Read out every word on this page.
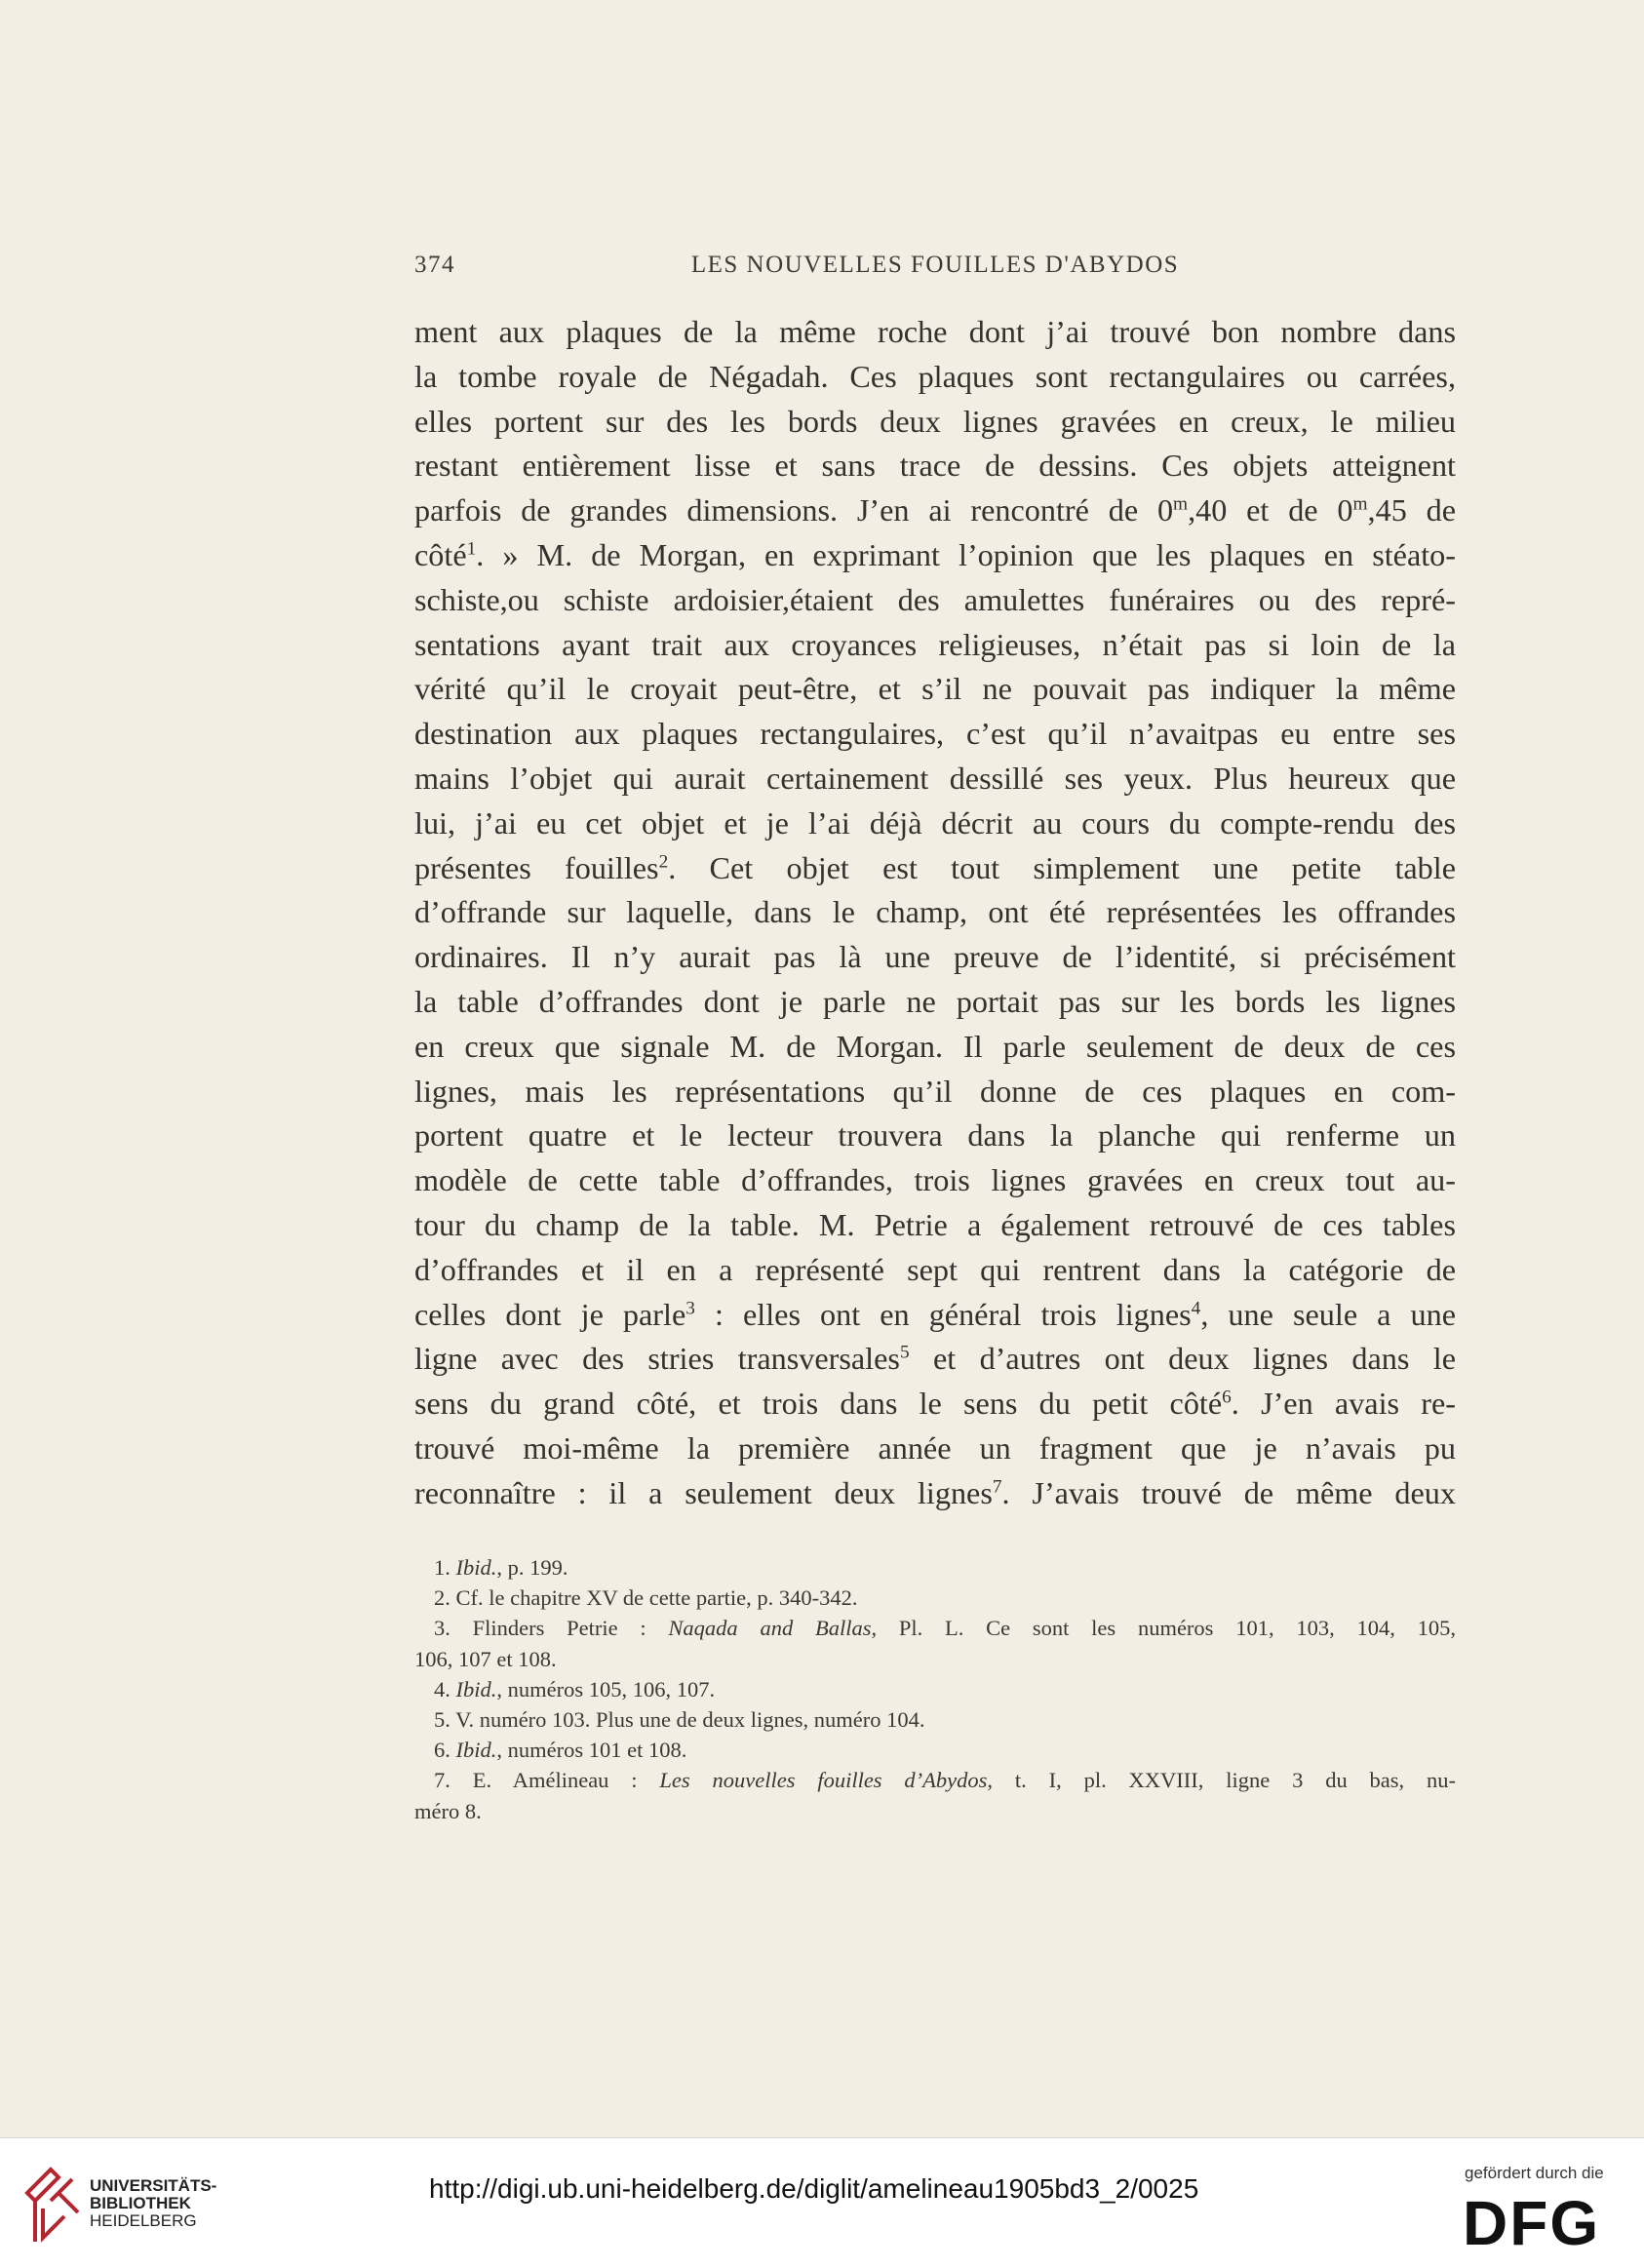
374	LES NOUVELLES FOUILLES D'ABYDOS
ment aux plaques de la même roche dont j’ai trouvé bon nombre dans
la tombe royale de Négadah. Ces plaques sont rectangulaires ou carrées,
elles portent sur des les bords deux lignes gravées en creux, le milieu
restant entièrement lisse et sans trace de dessins. Ces objets atteignent
parfois de grandes dimensions. J’en ai rencontré de 0$^m$,40 et de 0$^m$,45 de
côté$^1$. » M. de Morgan, en exprimant l’opinion que les plaques en stéato-
schiste,ou schiste ardoisier,étaient des amulettes funéraires ou des repré-
sentations ayant trait aux croyances religieuses, n’était pas si loin de la
vérité qu’il le croyait peut-être, et s’il ne pouvait pas indiquer la même
destination aux plaques rectangulaires, c’est qu’il n’avaitpas eu entre ses
mains l’objet qui aurait certainement dessillé ses yeux. Plus heureux que
lui, j’ai eu cet objet et je l’ai déjà décrit au cours du compte-rendu des
présentes fouilles$^2$. Cet objet est tout simplement une petite table
d’offrande sur laquelle, dans le champ, ont été représentées les offrandes
ordinaires. Il n’y aurait pas là une preuve de l’identité, si précisément
la table d’offrandes dont je parle ne portait pas sur les bords les lignes
en creux que signale M. de Morgan. Il parle seulement de deux de ces
lignes, mais les représentations qu’il donne de ces plaques en com-
portent quatre et le lecteur trouvera dans la planche qui renferme un
modèle de cette table d’offrandes, trois lignes gravées en creux tout au-
tour du champ de la table. M. Petrie a également retrouvé de ces tables
d’offrandes et il en a représenté sept qui rentrent dans la catégorie de
celles dont je parle$^3$ : elles ont en général trois lignes$^4$, une seule a une
ligne avec des stries transversales$^5$ et d’autres ont deux lignes dans le
sens du grand côté, et trois dans le sens du petit côté$^6$. J’en avais re-
trouvé moi-même la première année un fragment que je n’avais pu
reconnaître : il a seulement deux lignes$^7$. J’avais trouvé de même deux
1. Ibid., p. 199.
2. Cf. le chapitre XV de cette partie, p. 340-342.
3. Flinders Petrie : Naqada and Ballas, Pl. L. Ce sont les numéros 101, 103, 104, 105,
106, 107 et 108.
4. Ibid., numéros 105, 106, 107.
5. V. numéro 103. Plus une de deux lignes, numéro 104.
6. Ibid., numéros 101 et 108.
7. E. Amélineau : Les nouvelles fouilles d’Abydos, t. I, pl. XXVIII, ligne 3 du bas, nu-
méro 8.
UNIVERSITÄTS-
BIBLIOTHEK
HEIDELBERG
http://digi.ub.uni-heidelberg.de/diglit/amelineau1905bd3_2/0025
gefördert durch die
DFG
